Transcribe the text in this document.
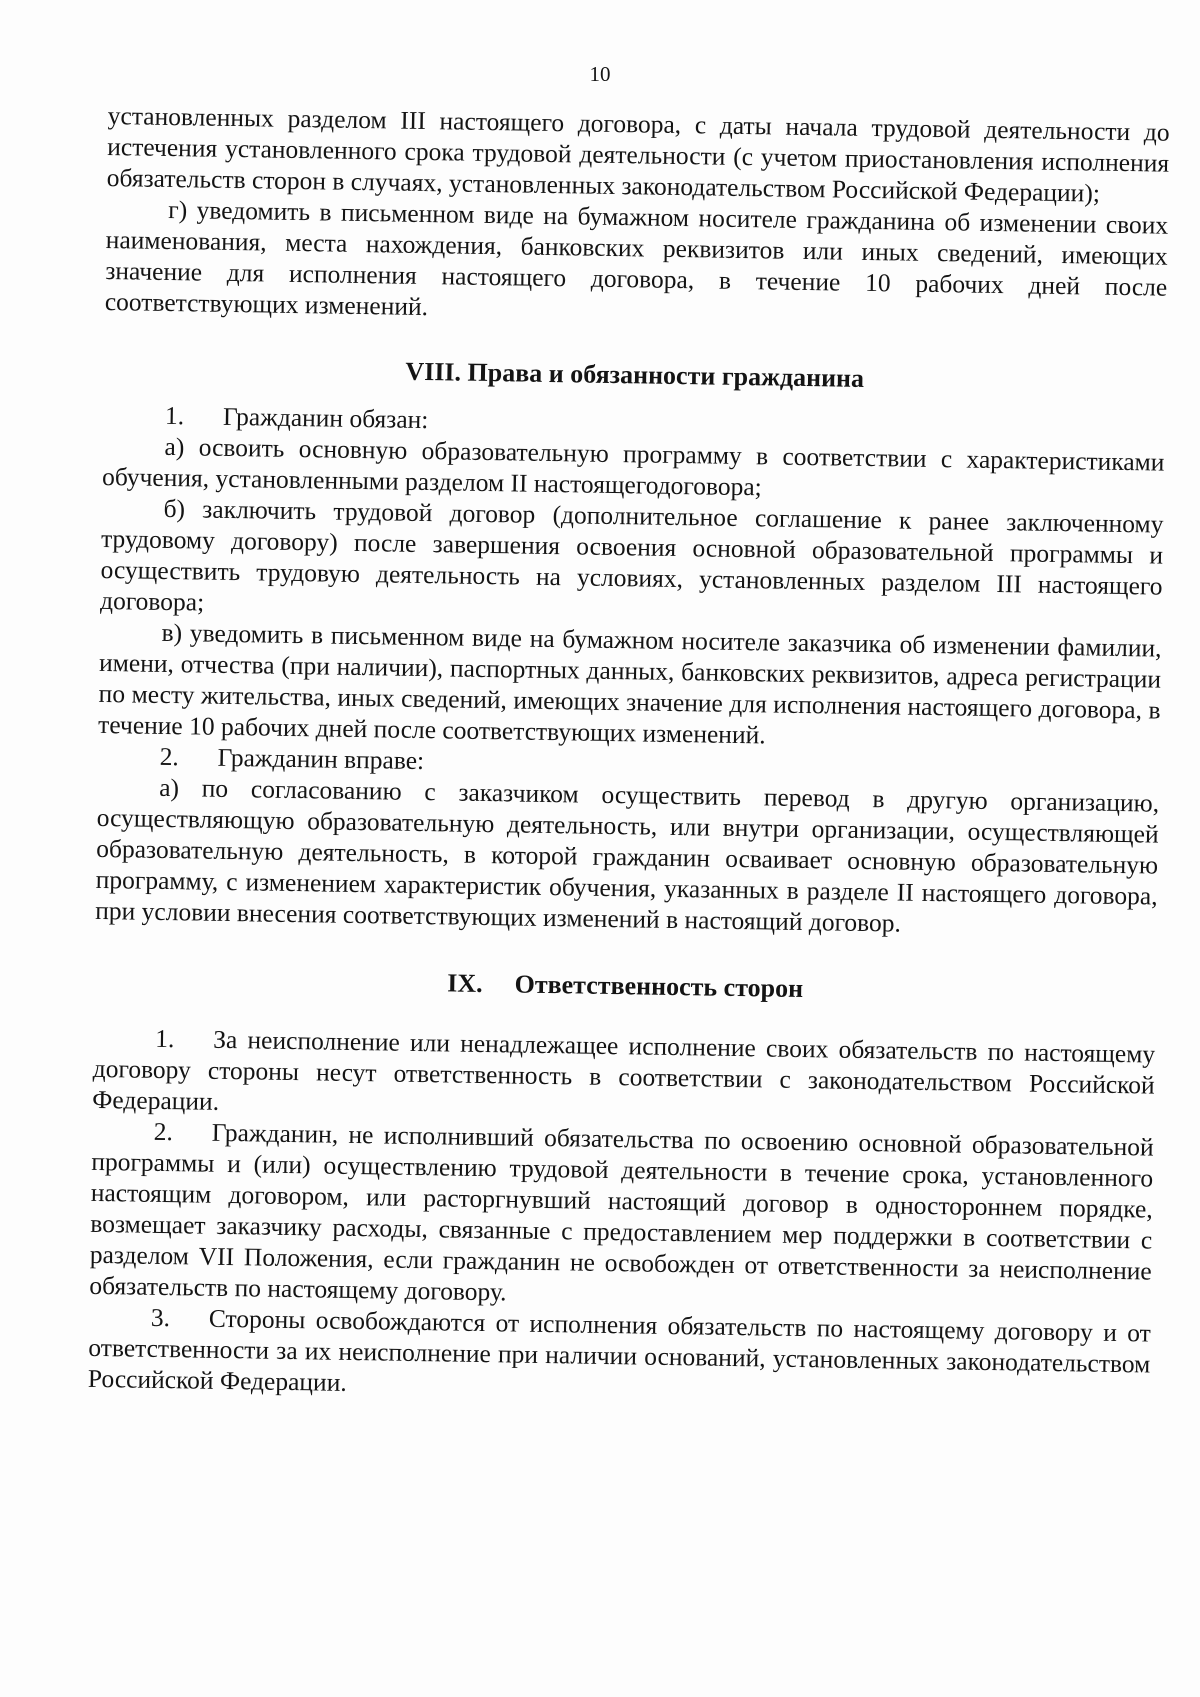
10

установленных разделом III настоящего договора, с даты начала трудовой деятельности до истечения установленного срока трудовой деятельности (с учетом приостановления исполнения обязательств сторон в случаях, установленных законодательством Российской Федерации);

г) уведомить в письменном виде на бумажном носителе гражданина об изменении своих наименования, места нахождения, банковских реквизитов или иных сведений, имеющих значение для исполнения настоящего договора, в течение 10 рабочих дней после соответствующих изменений.

VIII. Права и обязанности гражданина

1. Гражданин обязан:

а) освоить основную образовательную программу в соответствии с характеристиками обучения, установленными разделом II настоящегодоговора;

б) заключить трудовой договор (дополнительное соглашение к ранее заключенному трудовому договору) после завершения освоения основной образовательной программы и осуществить трудовую деятельность на условиях, установленных разделом III настоящего договора;

в) уведомить в письменном виде на бумажном носителе заказчика об изменении фамилии, имени, отчества (при наличии), паспортных данных, банковских реквизитов, адреса регистрации по месту жительства, иных сведений, имеющих значение для исполнения настоящего договора, в течение 10 рабочих дней после соответствующих изменений.

2. Гражданин вправе:

а) по согласованию с заказчиком осуществить перевод в другую организацию, осуществляющую образовательную деятельность, или внутри организации, осуществляющей образовательную деятельность, в которой гражданин осваивает основную образовательную программу, с изменением характеристик обучения, указанных в разделе II настоящего договора, при условии внесения соответствующих изменений в настоящий договор.

IX. Ответственность сторон

1. За неисполнение или ненадлежащее исполнение своих обязательств по настоящему договору стороны несут ответственность в соответствии с законодательством Российской Федерации.

2. Гражданин, не исполнивший обязательства по освоению основной образовательной программы и (или) осуществлению трудовой деятельности в течение срока, установленного настоящим договором, или расторгнувший настоящий договор в одностороннем порядке, возмещает заказчику расходы, связанные с предоставлением мер поддержки в соответствии с разделом VII Положения, если гражданин не освобожден от ответственности за неисполнение обязательств по настоящему договору.

3. Стороны освобождаются от исполнения обязательств по настоящему договору и от ответственности за их неисполнение при наличии оснований, установленных законодательством Российской Федерации.
